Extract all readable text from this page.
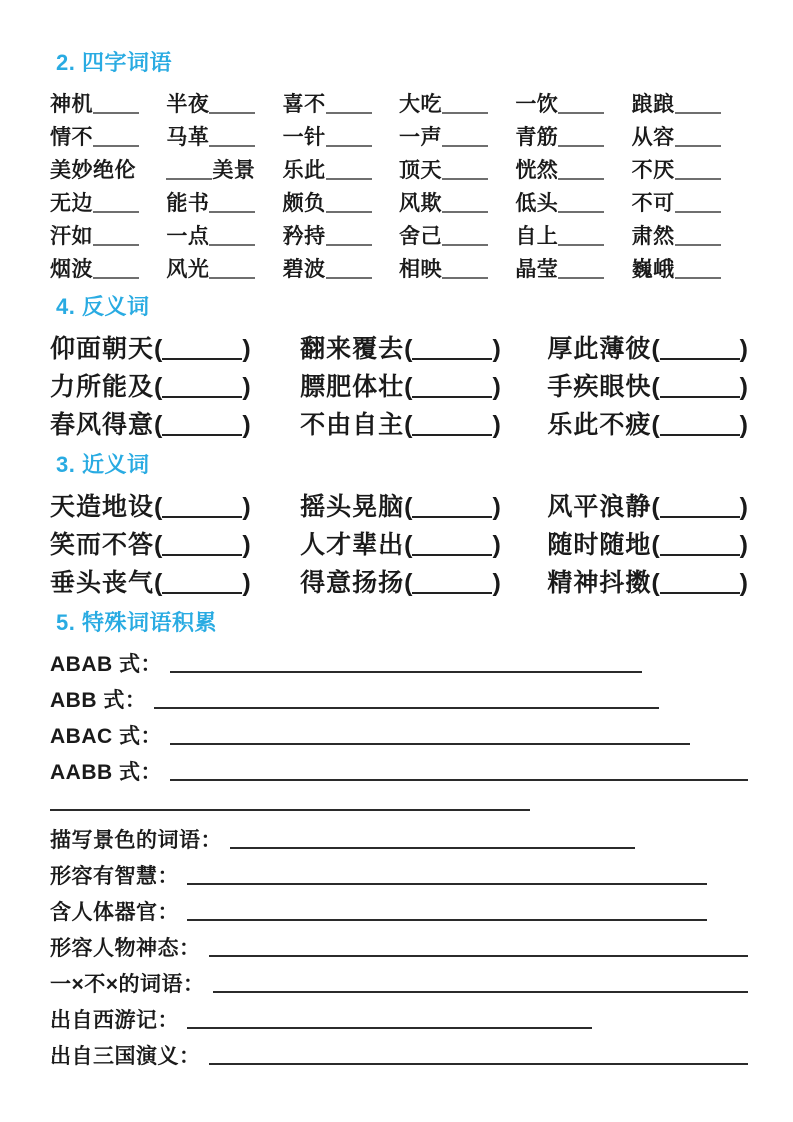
2. 四字词语
神机	半夜	喜不	大吃	一饮	踉踉
情不	马革	一针	一声	青筋	从容
美妙绝伦	美景	乐此	顶天	恍然	不厌
无边	能书	颇负	风欺	低头	不可
汗如	一点	矜持	舍己	自上	肃然
烟波	风光	碧波	相映	晶莹	巍峨
4. 反义词
仰面朝天(	)	翻来覆去(	)	厚此薄彼(	)
力所能及(	)	膘肥体壮(	)	手疾眼快(	)
春风得意(	)	不由自主(	)	乐此不疲(	)
3. 近义词
天造地设(	)	摇头晃脑(	)	风平浪静(	)
笑而不答(	)	人才辈出(	)	随时随地(	)
垂头丧气(	)	得意扬扬(	)	精神抖擞(	)
5. 特殊词语积累
ABAB 式：
ABB 式：
ABAC 式：
AABB 式：
描写景色的词语：
形容有智慧：
含人体器官：
形容人物神态：
一×不×的词语：
出自西游记：
出自三国演义：
